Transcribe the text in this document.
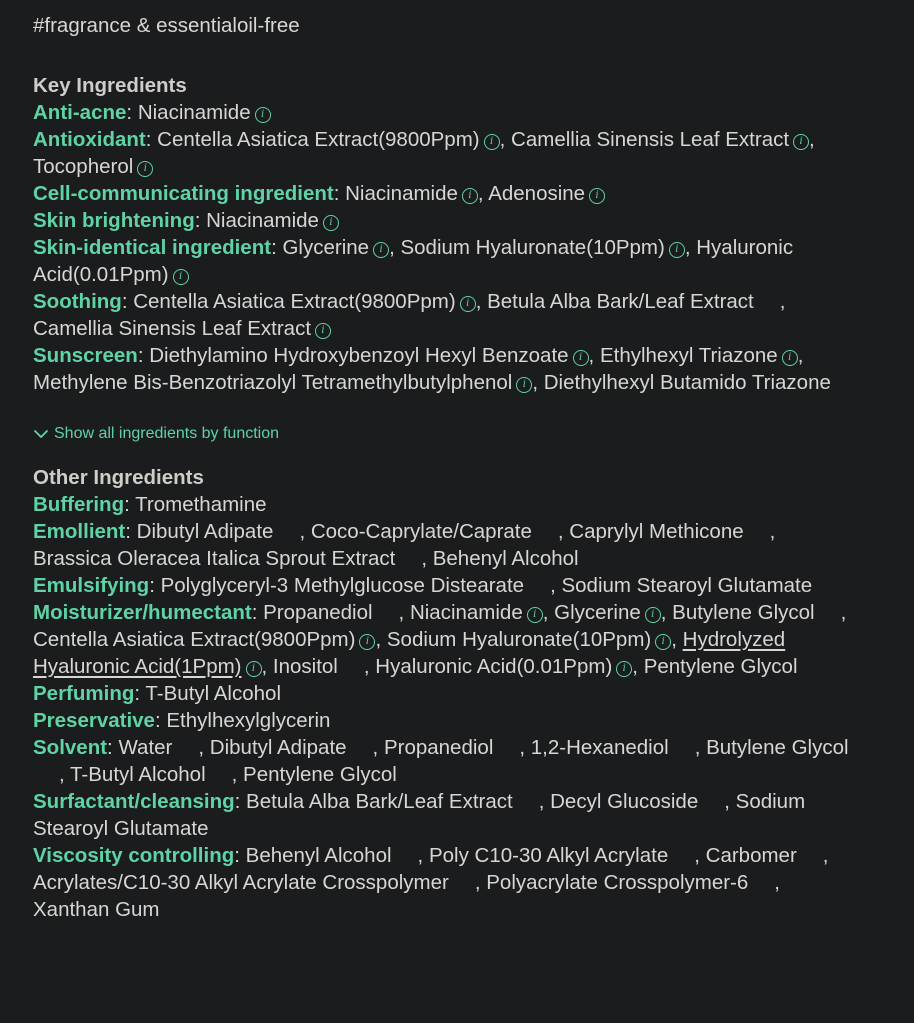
#fragrance & essentialoil-free

Key Ingredients

Anti-acne: Niacinamide i

Antioxidant: Centella Asiatica Extract(9800Ppm) i , Camellia Sinensis Leaf Extract i , Tocopherol i

Cell-communicating ingredient: Niacinamide i , Adenosine i

Skin brightening: Niacinamide i

Skin-identical ingredient: Glycerine i , Sodium Hyaluronate(10Ppm) i , Hyaluronic Acid(0.01Ppm) i

Soothing: Centella Asiatica Extract(9800Ppm) i , Betula Alba Bark/Leaf Extract , Camellia Sinensis Leaf Extract i

Sunscreen: Diethylamino Hydroxybenzoyl Hexyl Benzoate i , Ethylhexyl Triazone i , Methylene Bis-Benzotriazolyl Tetramethylbutylphenol i , Diethylhexyl Butamido Triazone

Show all ingredients by function

Other Ingredients

Buffering: Tromethamine

Emollient: Dibutyl Adipate , Coco-Caprylate/Caprate , Caprylyl Methicone , Brassica Oleracea Italica Sprout Extract , Behenyl Alcohol

Emulsifying: Polyglyceryl-3 Methylglucose Distearate , Sodium Stearoyl Glutamate

Moisturizer/humectant: Propanediol , Niacinamide i , Glycerine i , Butylene Glycol , Centella Asiatica Extract(9800Ppm) i , Sodium Hyaluronate(10Ppm) i , Hydrolyzed Hyaluronic Acid(1Ppm) i , Inositol , Hyaluronic Acid(0.01Ppm) i , Pentylene Glycol

Perfuming: T-Butyl Alcohol

Preservative: Ethylhexylglycerin

Solvent: Water , Dibutyl Adipate , Propanediol , 1,2-Hexanediol , Butylene Glycol, T-Butyl Alcohol , Pentylene Glycol

Surfactant/cleansing: Betula Alba Bark/Leaf Extract , Decyl Glucoside , Sodium Stearoyl Glutamate

Viscosity controlling: Behenyl Alcohol , Poly C10-30 Alkyl Acrylate , Carbomer , Acrylates/C10-30 Alkyl Acrylate Crosspolymer , Polyacrylate Crosspolymer-6 , Xanthan Gum
